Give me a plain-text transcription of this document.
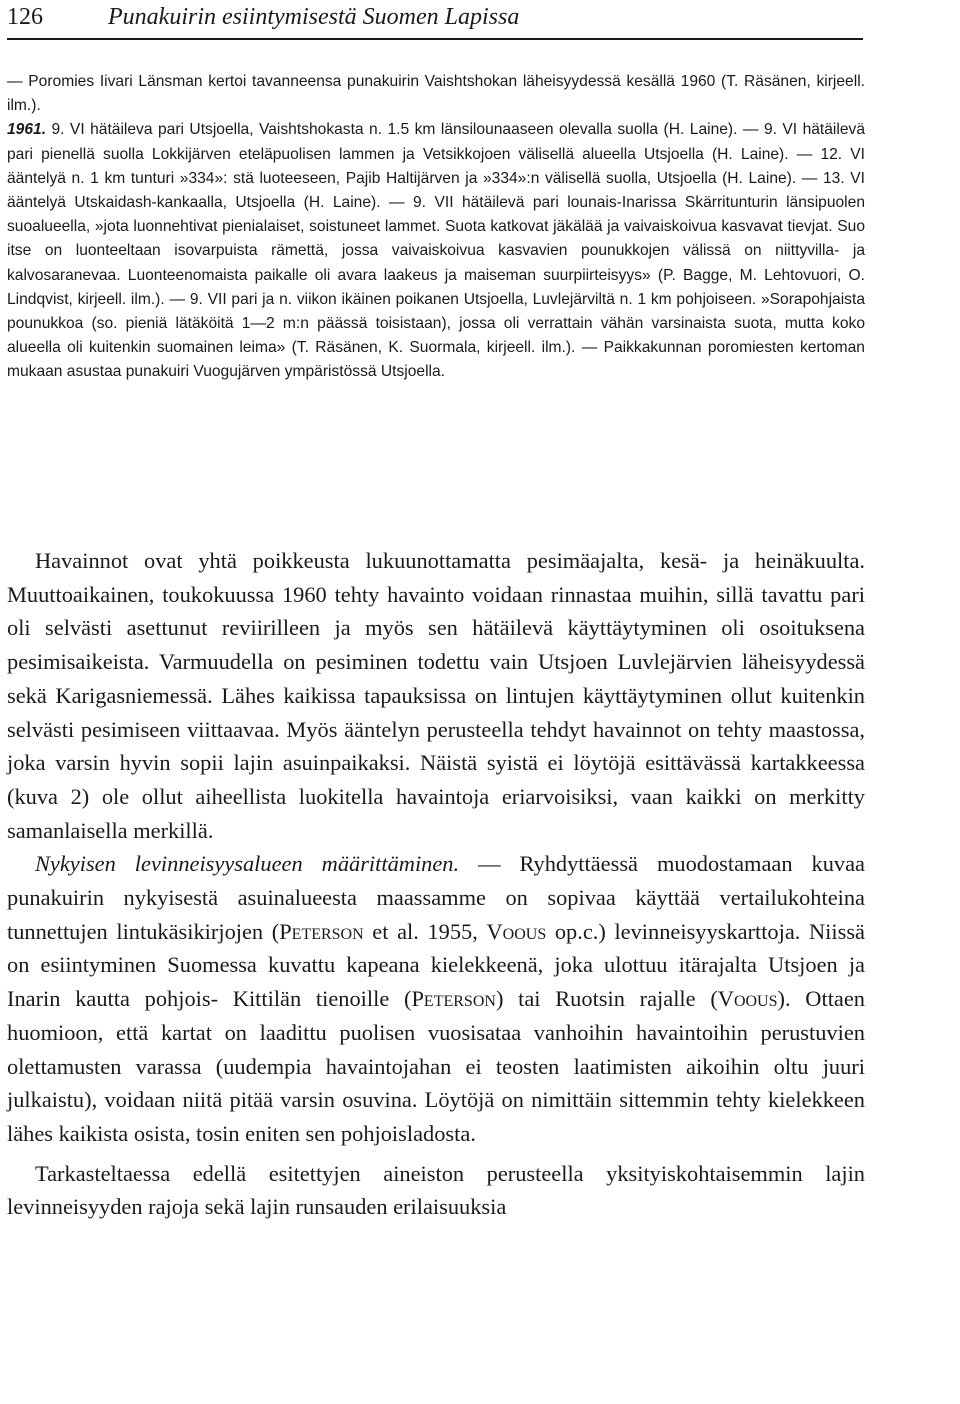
126	Punakuirin esiintymisestä Suomen Lapissa

— Poromies Iivari Länsman kertoi tavanneensa punakuirin Vaishtshokan läheisyydessä kesällä 1960 (T. Räsänen, kirjeell. ilm.).

1961. 9. VI hätäileva pari Utsjoella, Vaishtshokasta n. 1.5 km länsilounaaseen olevalla suolla (H. Laine). — 9. VI hätäilevä pari pienellä suolla Lokkijärven eteläpuolisen lammen ja Vetsikkojoen välisellä alueella Utsjoella (H. Laine). — 12. VI ääntelyä n. 1 km tunturi »334»: stä luoteeseen, Pajib Haltijärven ja »334»:n välisellä suolla, Utsjoella (H. Laine). — 13. VI ääntelyä Utskaidash-kankaalla, Utsjoella (H. Laine). — 9. VII hätäilevä pari lounais-Inarissa Skärritunturin länsipuolen suoalueella, »jota luonnehtivat pienialaiset, soistuneet lammet. Suota katkovat jäkälää ja vaivaiskoivua kasvavat tievjat. Suo itse on luonteeltaan isovarpuista rämettä, jossa vaivaiskoivua kasvavien pounukkojen välissä on niittyvilla- ja kalvosaranevaa. Luonteenomaista paikalle oli avara laakeus ja maiseman suurpiirteisyys» (P. Bagge, M. Lehtovuori, O. Lindqvist, kirjeell. ilm.). — 9. VII pari ja n. viikon ikäinen poikanen Utsjoella, Luvlejärviltä n. 1 km pohjoiseen. »Sorapohjaista pounukkoa (so. pieniä lätäköitä 1—2 m:n päässä toisistaan), jossa oli verrattain vähän varsinaista suota, mutta koko alueella oli kuitenkin suomainen leima» (T. Räsänen, K. Suormala, kirjeell. ilm.). — Paikkakunnan poromiesten kertoman mukaan asustaa punakuiri Vuogujärven ympäristössä Utsjoella.

Havainnot ovat yhtä poikkeusta lukuunottamatta pesimäajalta, kesä- ja heinäkuulta. Muuttoaikainen, toukokuussa 1960 tehty havainto voidaan rinnastaa muihin, sillä tavattu pari oli selvästi asettunut reviirilleen ja myös sen hätäilevä käyttäytyminen oli osoituksena pesimisaikeista. Varmuudella on pesiminen todettu vain Utsjoen Luvlejärvien läheisyydessä sekä Karigasniemessä. Lähes kaikissa tapauksissa on lintujen käyttäytyminen ollut kuitenkin selvästi pesimiseen viittaavaa. Myös ääntelyn perusteella tehdyt havainnot on tehty maastossa, joka varsin hyvin sopii lajin asuinpaikaksi. Näistä syistä ei löytöjä esittävässä kartakkeessa (kuva 2) ole ollut aiheellista luokitella havaintoja eriarvoisiksi, vaan kaikki on merkitty samanlaisella merkillä.

Nykyisen levinneisyysalueen määrittäminen. — Ryhdyttäessä muodostamaan kuvaa punakuirin nykyisestä asuinalueesta maassamme on sopivaa käyttää vertailukohteina tunnettujen lintukäsikirjojen (Peterson et al. 1955, Voous op.c.) levinneisyyskarttoja. Niissä on esiintyminen Suomessa kuvattu kapeana kielekkeenä, joka ulottuu itärajalta Utsjoen ja Inarin kautta pohjois- Kittilän tienoille (Peterson) tai Ruotsin rajalle (Voous). Ottaen huomioon, että kartat on laadittu puolisen vuosisataa vanhoihin havaintoihin perustuvien olettamusten varassa (uudempia havaintojahan ei teosten laatimisten aikoihin oltu juuri julkaistu), voidaan niitä pitää varsin osuvina. Löytöjä on nimittäin sittemmin tehty kielekkeen lähes kaikista osista, tosin eniten sen pohjoisladosta.

Tarkasteltaessa edellä esitettyjen aineiston perusteella yksityiskohtaisemmin lajin levinneisyyden rajoja sekä lajin runsauden erilaisuuksia
